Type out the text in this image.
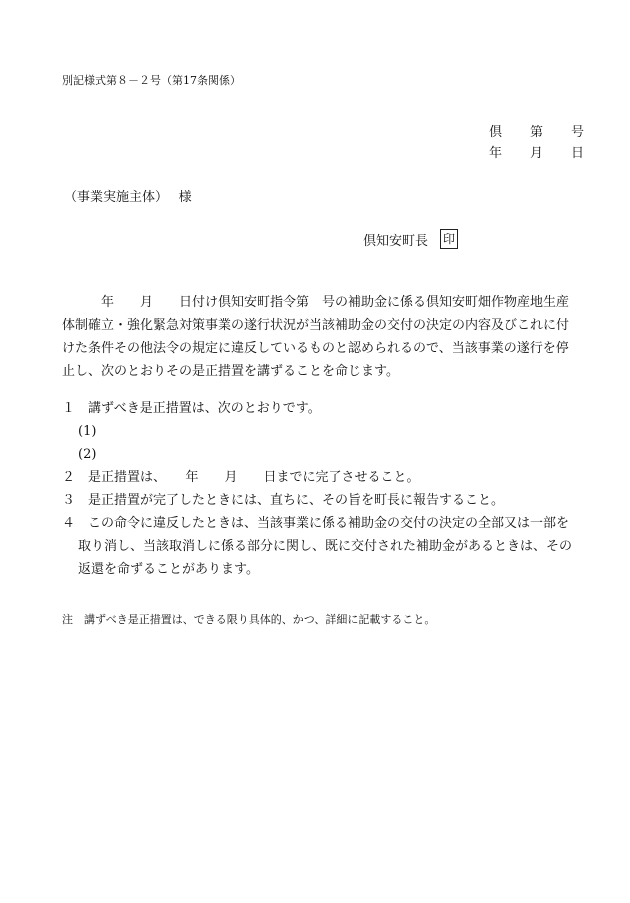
別記様式第８－２号（第17条関係）
倶 第 号
年 月 日
（事業実施主体）　 様
倶知安町長 印
　　　年　　月　　日付け倶知安町指令第　号の補助金に係る倶知安町畑作物産地生産
体制確立・強化緊急対策事業の遂行状況が当該補助金の交付の決定の内容及びこれに付
けた条件その他法令の規定に違反しているものと認められるので、当該事業の遂行を停
止し、次のとおりその是正措置を講ずることを命じます。
１　講ずべき是正措置は、次のとおりです。
(1)
(2)
２　是正措置は、　　年　　月　　日までに完了させること。
３　是正措置が完了したときには、直ちに、その旨を町長に報告すること。
４　この命令に違反したときは、当該事業に係る補助金の交付の決定の全部又は一部を
取り消し、当該取消しに係る部分に関し、既に交付された補助金があるときは、その
返還を命ずることがあります。
注　講ずべき是正措置は、できる限り具体的、かつ、詳細に記載すること。
